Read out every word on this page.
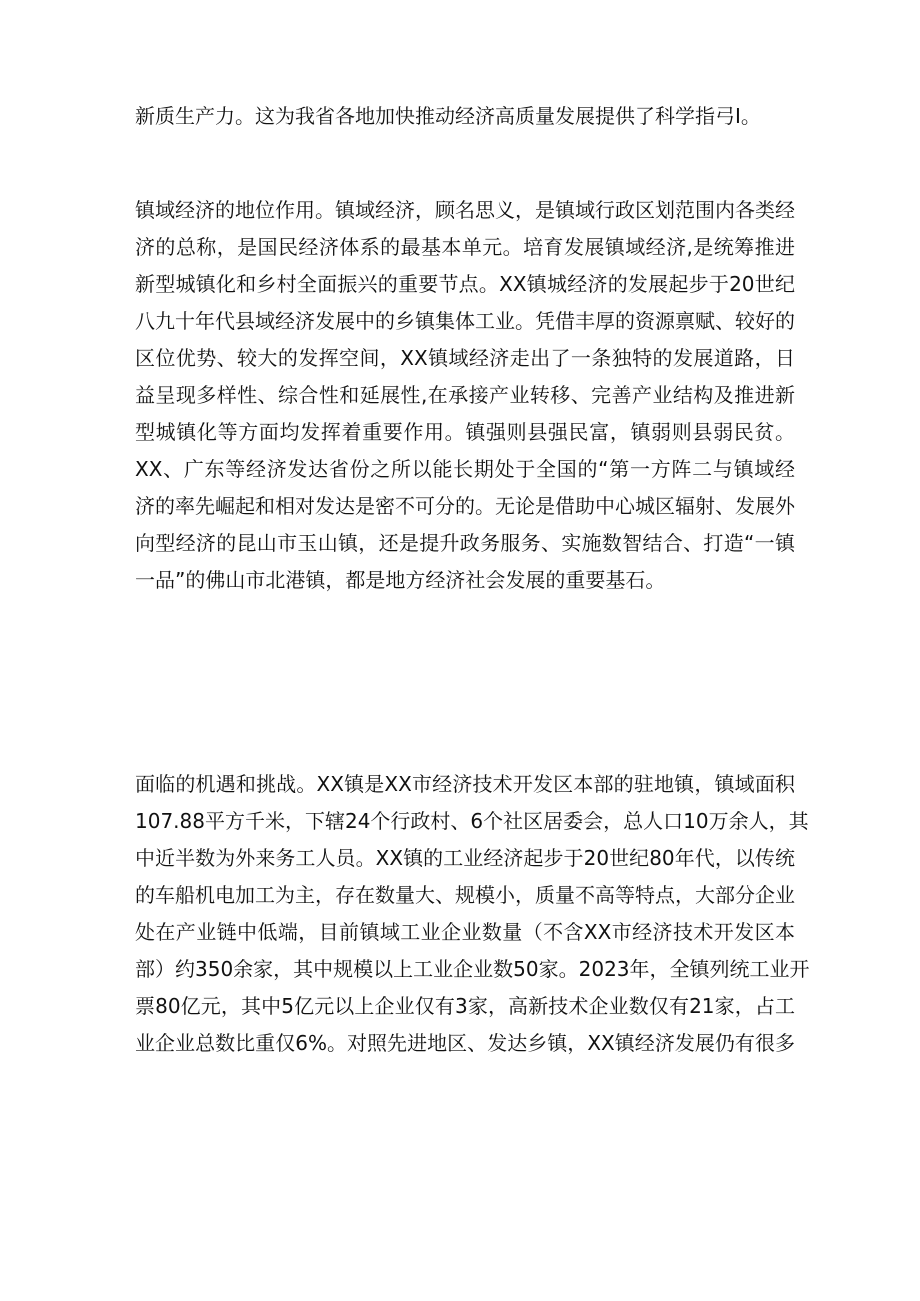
新质生产力。这为我省各地加快推动经济高质量发展提供了科学指弓I。
镇域经济的地位作用。镇域经济，顾名思义，是镇域行政区划范围内各类经
济的总称，是国民经济体系的最基本单元。培育发展镇域经济,是统筹推进
新型城镇化和乡村全面振兴的重要节点。XX镇城经济的发展起步于20世纪
八九十年代县域经济发展中的乡镇集体工业。凭借丰厚的资源禀赋、较好的
区位优势、较大的发挥空间，XX镇域经济走出了一条独特的发展道路，日
益呈现多样性、综合性和延展性,在承接产业转移、完善产业结构及推进新
型城镇化等方面均发挥着重要作用。镇强则县强民富，镇弱则县弱民贫。
XX、广东等经济发达省份之所以能长期处于全国的“第一方阵二与镇域经
济的率先崛起和相对发达是密不可分的。无论是借助中心城区辐射、发展外
向型经济的昆山市玉山镇，还是提升政务服务、实施数智结合、打造“一镇
一品”的佛山市北港镇，都是地方经济社会发展的重要基石。
面临的机遇和挑战。XX镇是XX市经济技术开发区本部的驻地镇，镇域面积
107.88平方千米，下辖24个行政村、6个社区居委会，总人口10万余人，其
中近半数为外来务工人员。XX镇的工业经济起步于20世纪80年代，以传统
的车船机电加工为主，存在数量大、规模小，质量不高等特点，大部分企业
处在产业链中低端，目前镇域工业企业数量（不含XX市经济技术开发区本
部）约350余家，其中规模以上工业企业数50家。2023年，全镇列统工业开
票80亿元，其中5亿元以上企业仅有3家，高新技术企业数仅有21家，占工
业企业总数比重仅6%。对照先进地区、发达乡镇，XX镇经济发展仍有很多
